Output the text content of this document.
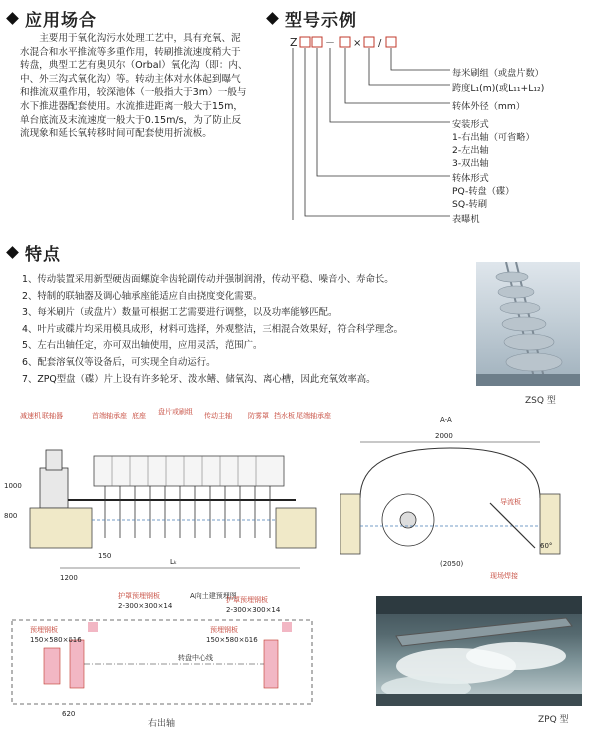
应用场合
主要用于氧化沟污水处理工艺中，具有充氧、泥水混合和水平推流等多重作用，转刷推流速度稍大于转盘，典型工艺有奥贝尔（Orbal）氧化沟（即：内、中、外三沟式氧化沟）等。转动主体对水体起到曝气和推流双重作用，较深池体（一般指大于3m）一般与水下推进器配套使用。水流推进距离一般大于15m，单台底流及末流速度一般大于0.15m/s，为了防止反流现象和延长氧转移时间可配套使用折流板。
型号示例
Z	－ × /
每米刷组（或盘片数）
跨度L₁(m)(或L₁₁+L₁₂)
转体外径（mm）
安装形式
1-右出轴（可省略）
2-左出轴
3-双出轴
转体形式
PQ-转盘（碟）
SQ-转刷
表曝机
特点
1、传动装置采用新型硬齿面螺旋伞齿轮副传动并强制润滑，传动平稳、噪音小、寿命长。
2、特制的联轴器及调心轴承座能适应自由挠度变化需要。
3、每米刷片（或盘片）数量可根据工艺需要进行调整，以及功率能够匹配。
4、叶片或碟片均采用模具成形，材料可选择，外观整洁，三相混合效果好，符合科学理念。
5、左右出轴任定，亦可双出轴使用，应用灵活，范围广。
6、配套溶氧仪等设备后，可实现全自动运行。
7、ZPQ型盘（碟）片上设有许多轮牙、泼水鳍、储氧沟、离心槽，因此充氧效率高。
ZSQ 型
减速机 联轴器	首端轴承座 底座 盘片或刷组 传动主轴 防雾罩 挡水板 尾端轴承座
Lₖ
1200
150
1000
800
A-A
2000
导流板
60°
(2050)
现场焊接
护罩预埋钢板
2-300×300×14
A向土建预埋图
护罩预埋钢板
2-300×300×14
预埋钢板
150×580×δ16
预埋钢板
150×580×δ16
转盘中心线
620
右出轴	ZPQ 型
